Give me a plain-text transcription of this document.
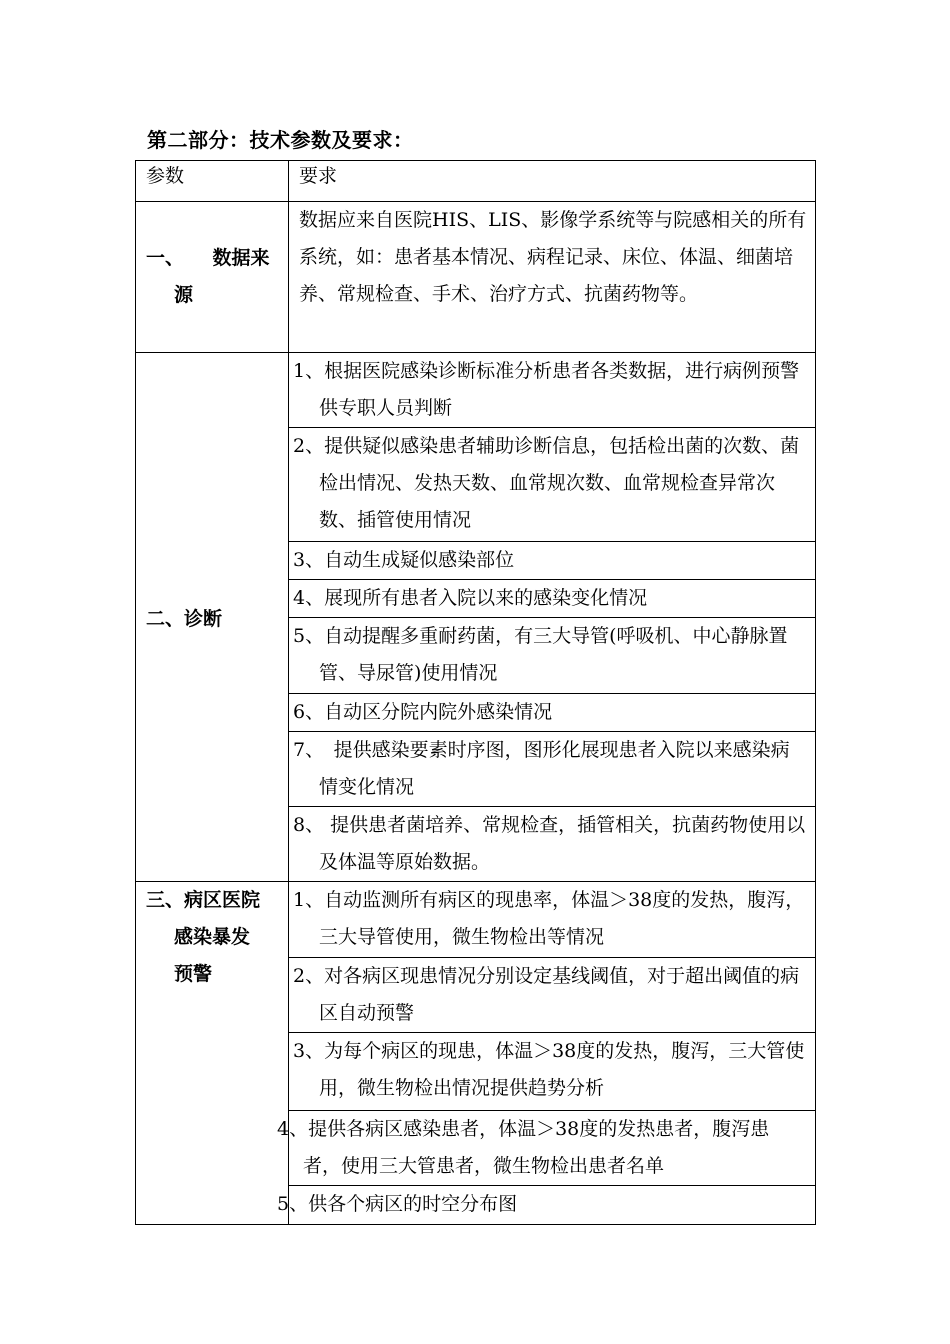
第二部分：技术参数及要求：
参数	要求

一、　　数据来
源	数据应来自医院HIS、LIS、影像学系统等与院感相关的所有系统，如：患者基本情况、病程记录、床位、体温、细菌培养、常规检查、手术、治疗方式、抗菌药物等。

二、诊断	1、根据医院感染诊断标准分析患者各类数据，进行病例预警供专职人员判断
	2、提供疑似感染患者辅助诊断信息，包括检出菌的次数、菌检出情况、发热天数、血常规次数、血常规检查异常次数、插管使用情况
	3、自动生成疑似感染部位
	4、展现所有患者入院以来的感染变化情况
	5、自动提醒多重耐药菌，有三大导管(呼吸机、中心静脉置管、导尿管)使用情况
	6、自动区分院内院外感染情况
	7、　提供感染要素时序图，图形化展现患者入院以来感染病情变化情况
	8、 提供患者菌培养、常规检查，插管相关，抗菌药物使用以及体温等原始数据。

三、病区医院
感染暴发
预警	1、自动监测所有病区的现患率，体温＞38度的发热，腹泻，三大导管使用，微生物检出等情况
	2、对各病区现患情况分别设定基线阈值，对于超出阈值的病区自动预警
	3、为每个病区的现患，体温＞38度的发热，腹泻，三大管使用，微生物检出情况提供趋势分析
	4、提供各病区感染患者，体温＞38度的发热患者，腹泻患者，使用三大管患者，微生物检出患者名单
	5、供各个病区的时空分布图
